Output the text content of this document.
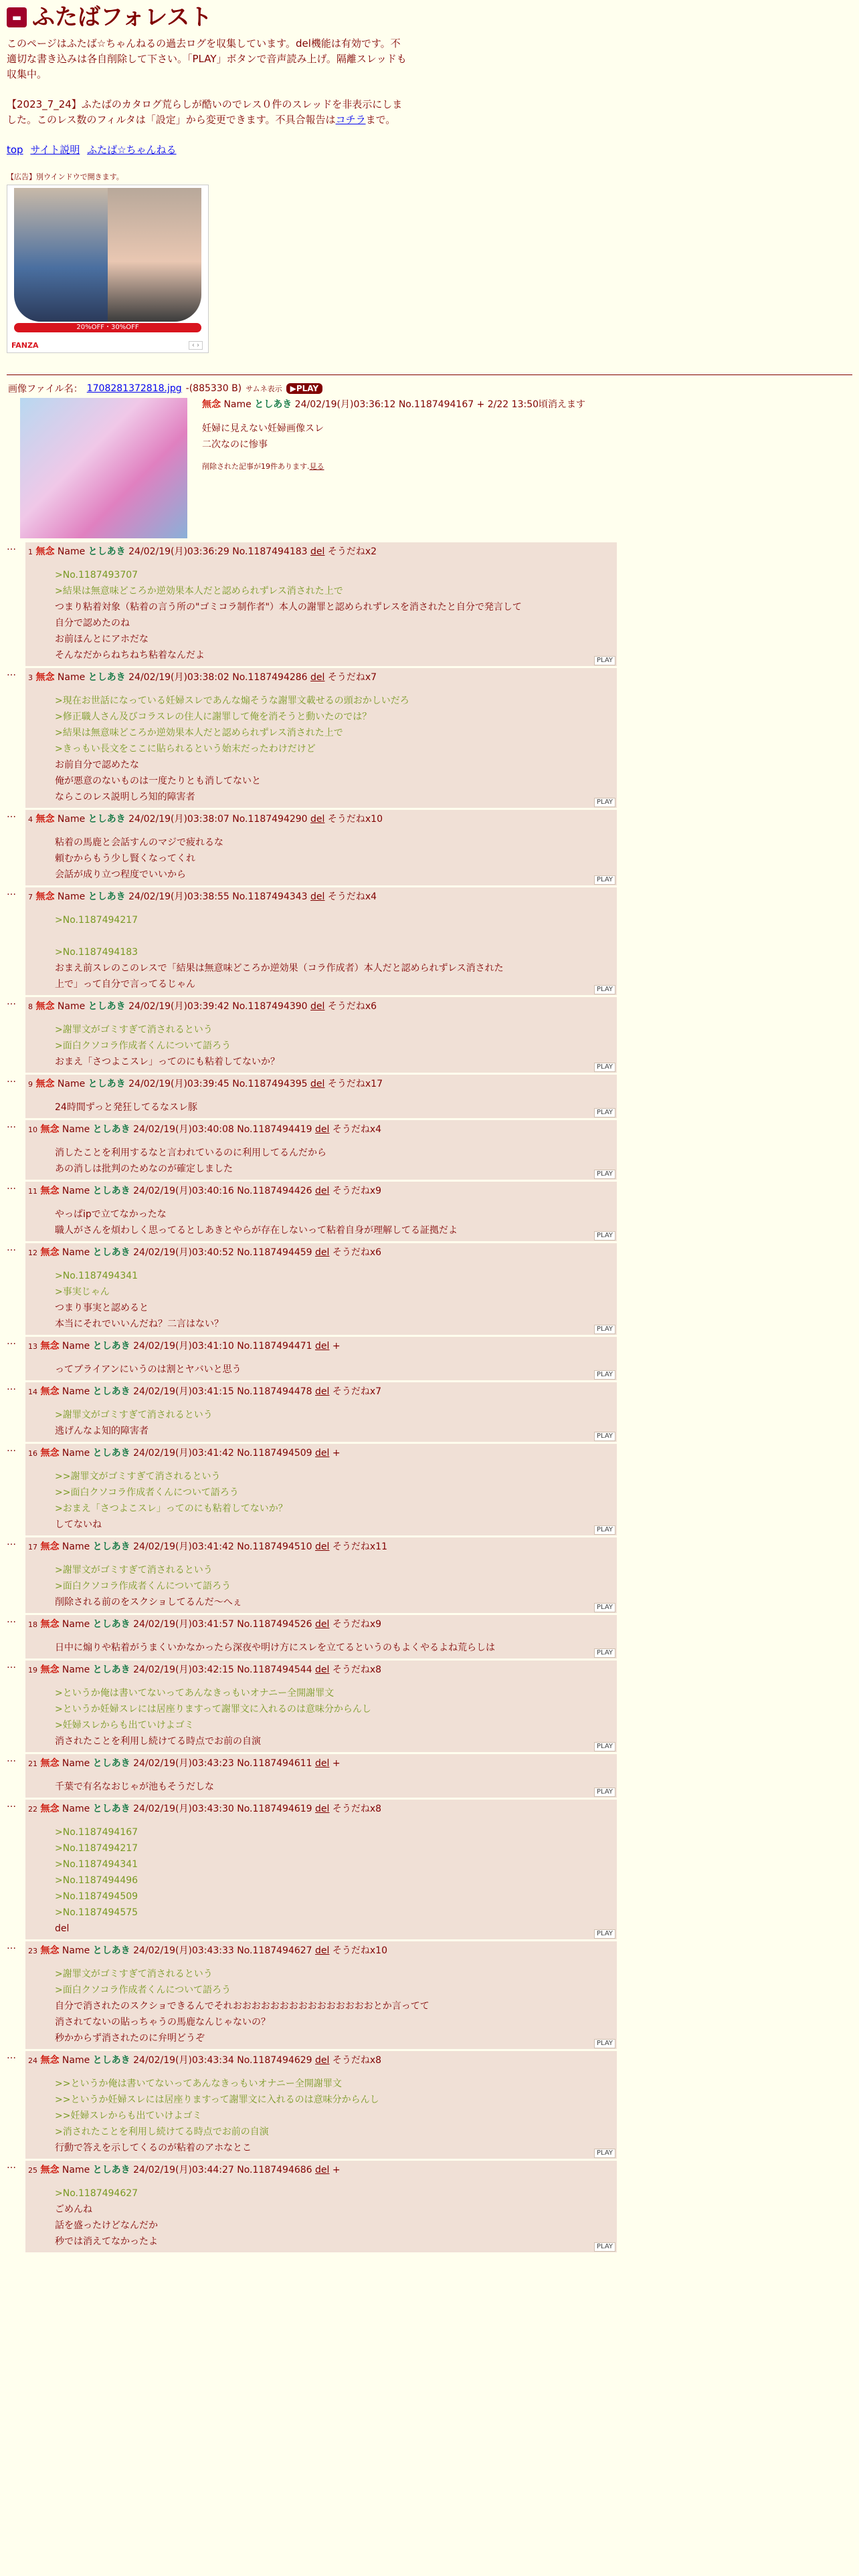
▬ ふたばフォレスト

このページはふたば☆ちゃんねるの過去ログを収集しています。del機能は有効です。不適切な書き込みは各自削除して下さい。「PLAY」ボタンで音声読み上げ。隔離スレッドも収集中。

【2023_7_24】ふたばのカタログ荒らしが酷いのでレス０件のスレッドを非表示にしました。このレス数のフィルタは「設定」から変更できます。不具合報告はコチラまで。

top サイト説明 ふたば☆ちゃんねる
【広告】別ウインドウで開きます。
20%OFF・30%OFF
FANZA	‹ ›
画像ファイル名： 1708281372818.jpg -(885330 B) サムネ表示	▶PLAY
無念 Name としあき 24/02/19(月)03:36:12 No.1187494167 + 2/22 13:50頃消えます
妊婦に見えない妊婦画像スレ
二次なのに惨事
削除された記事が19件あります.見る
…	1 無念 Name としあき 24/02/19(月)03:36:29 No.1187494183 del そうだねx2
>No.1187493707
>結果は無意味どころか逆効果本人だと認められずレス消された上で
つまり粘着対象（粘着の言う所の"ゴミコラ制作者"）本人の謝罪と認められずレスを消されたと自分で発言して
自分で認めたのね
お前ほんとにアホだな
そんなだからねちねち粘着なんだよ	PLAY
…	3 無念 Name としあき 24/02/19(月)03:38:02 No.1187494286 del そうだねx7
>現在お世話になっている妊婦スレであんな煽そうな謝罪文載せるの頭おかしいだろ
>修正職人さん及びコラスレの住人に謝罪して俺を消そうと動いたのでは？
>結果は無意味どころか逆効果本人だと認められずレス消された上で
>きっもい長文をここに貼られるという始末だったわけだけど
お前自分で認めたな
俺が悪意のないものは一度たりとも消してないと
ならこのレス説明しろ知的障害者	PLAY
…	4 無念 Name としあき 24/02/19(月)03:38:07 No.1187494290 del そうだねx10
粘着の馬鹿と会話すんのマジで疲れるな
頼むからもう少し賢くなってくれ
会話が成り立つ程度でいいから	PLAY
…	7 無念 Name としあき 24/02/19(月)03:38:55 No.1187494343 del そうだねx4
>No.1187494217

>No.1187494183
おまえ前スレのこのレスで「結果は無意味どころか逆効果（コラ作成者）本人だと認められずレス消された
上で」って自分で言ってるじゃん	PLAY
…	8 無念 Name としあき 24/02/19(月)03:39:42 No.1187494390 del そうだねx6
>謝罪文がゴミすぎて消されるという
>面白クソコラ作成者くんについて語ろう
おまえ「さつよこスレ」ってのにも粘着してないか？	PLAY
…	9 無念 Name としあき 24/02/19(月)03:39:45 No.1187494395 del そうだねx17
24時間ずっと発狂してるなスレ豚	PLAY
…	10 無念 Name としあき 24/02/19(月)03:40:08 No.1187494419 del そうだねx4
消したことを利用するなと言われているのに利用してるんだから
あの消しは批判のためなのが確定しました	PLAY
…	11 無念 Name としあき 24/02/19(月)03:40:16 No.1187494426 del そうだねx9
やっぱipで立てなかったな
職人がさんを煩わしく思ってるとしあきとやらが存在しないって粘着自身が理解してる証拠だよ	PLAY
…	12 無念 Name としあき 24/02/19(月)03:40:52 No.1187494459 del そうだねx6
>No.1187494341
>事実じゃん
つまり事実と認めると
本当にそれでいいんだね？二言はない？	PLAY
…	13 無念 Name としあき 24/02/19(月)03:41:10 No.1187494471 del +
ってブライアンにいうのは割とヤバいと思う	PLAY
…	14 無念 Name としあき 24/02/19(月)03:41:15 No.1187494478 del そうだねx7
>謝罪文がゴミすぎて消されるという
逃げんなよ知的障害者	PLAY
…	16 無念 Name としあき 24/02/19(月)03:41:42 No.1187494509 del +
>>謝罪文がゴミすぎて消されるという
>>面白クソコラ作成者くんについて語ろう
>おまえ「さつよこスレ」ってのにも粘着してないか？
してないね	PLAY
…	17 無念 Name としあき 24/02/19(月)03:41:42 No.1187494510 del そうだねx11
>謝罪文がゴミすぎて消されるという
>面白クソコラ作成者くんについて語ろう
削除される前のをスクショしてるんだ〜へぇ	PLAY
…	18 無念 Name としあき 24/02/19(月)03:41:57 No.1187494526 del そうだねx9
日中に煽りや粘着がうまくいかなかったら深夜や明け方にスレを立てるというのもよくやるよね荒らしは	PLAY
…	19 無念 Name としあき 24/02/19(月)03:42:15 No.1187494544 del そうだねx8
>というか俺は書いてないってあんなきっもいオナニー全開謝罪文
>というか妊婦スレには居座りますって謝罪文に入れるのは意味分からんし
>妊婦スレからも出ていけよゴミ
消されたことを利用し続けてる時点でお前の自演	PLAY
…	21 無念 Name としあき 24/02/19(月)03:43:23 No.1187494611 del +
千葉で有名なおじゃが池もそうだしな	PLAY
…	22 無念 Name としあき 24/02/19(月)03:43:30 No.1187494619 del そうだねx8
>No.1187494167
>No.1187494217
>No.1187494341
>No.1187494496
>No.1187494509
>No.1187494575
del	PLAY
…	23 無念 Name としあき 24/02/19(月)03:43:33 No.1187494627 del そうだねx10
>謝罪文がゴミすぎて消されるという
>面白クソコラ作成者くんについて語ろう
自分で消されたのスクショできるんでそれおおおおおおおおおおおおおおおとか言ってて
消されてないの貼っちゃうの馬鹿なんじゃないの？
秒かからず消されたのに弁明どうぞ	PLAY
…	24 無念 Name としあき 24/02/19(月)03:43:34 No.1187494629 del そうだねx8
>>というか俺は書いてないってあんなきっもいオナニー全開謝罪文
>>というか妊婦スレには居座りますって謝罪文に入れるのは意味分からんし
>>妊婦スレからも出ていけよゴミ
>消されたことを利用し続けてる時点でお前の自演
行動で答えを示してくるのが粘着のアホなとこ	PLAY
…	25 無念 Name としあき 24/02/19(月)03:44:27 No.1187494686 del +
>No.1187494627
ごめんね
話を盛ったけどなんだか
秒では消えてなかったよ	PLAY
